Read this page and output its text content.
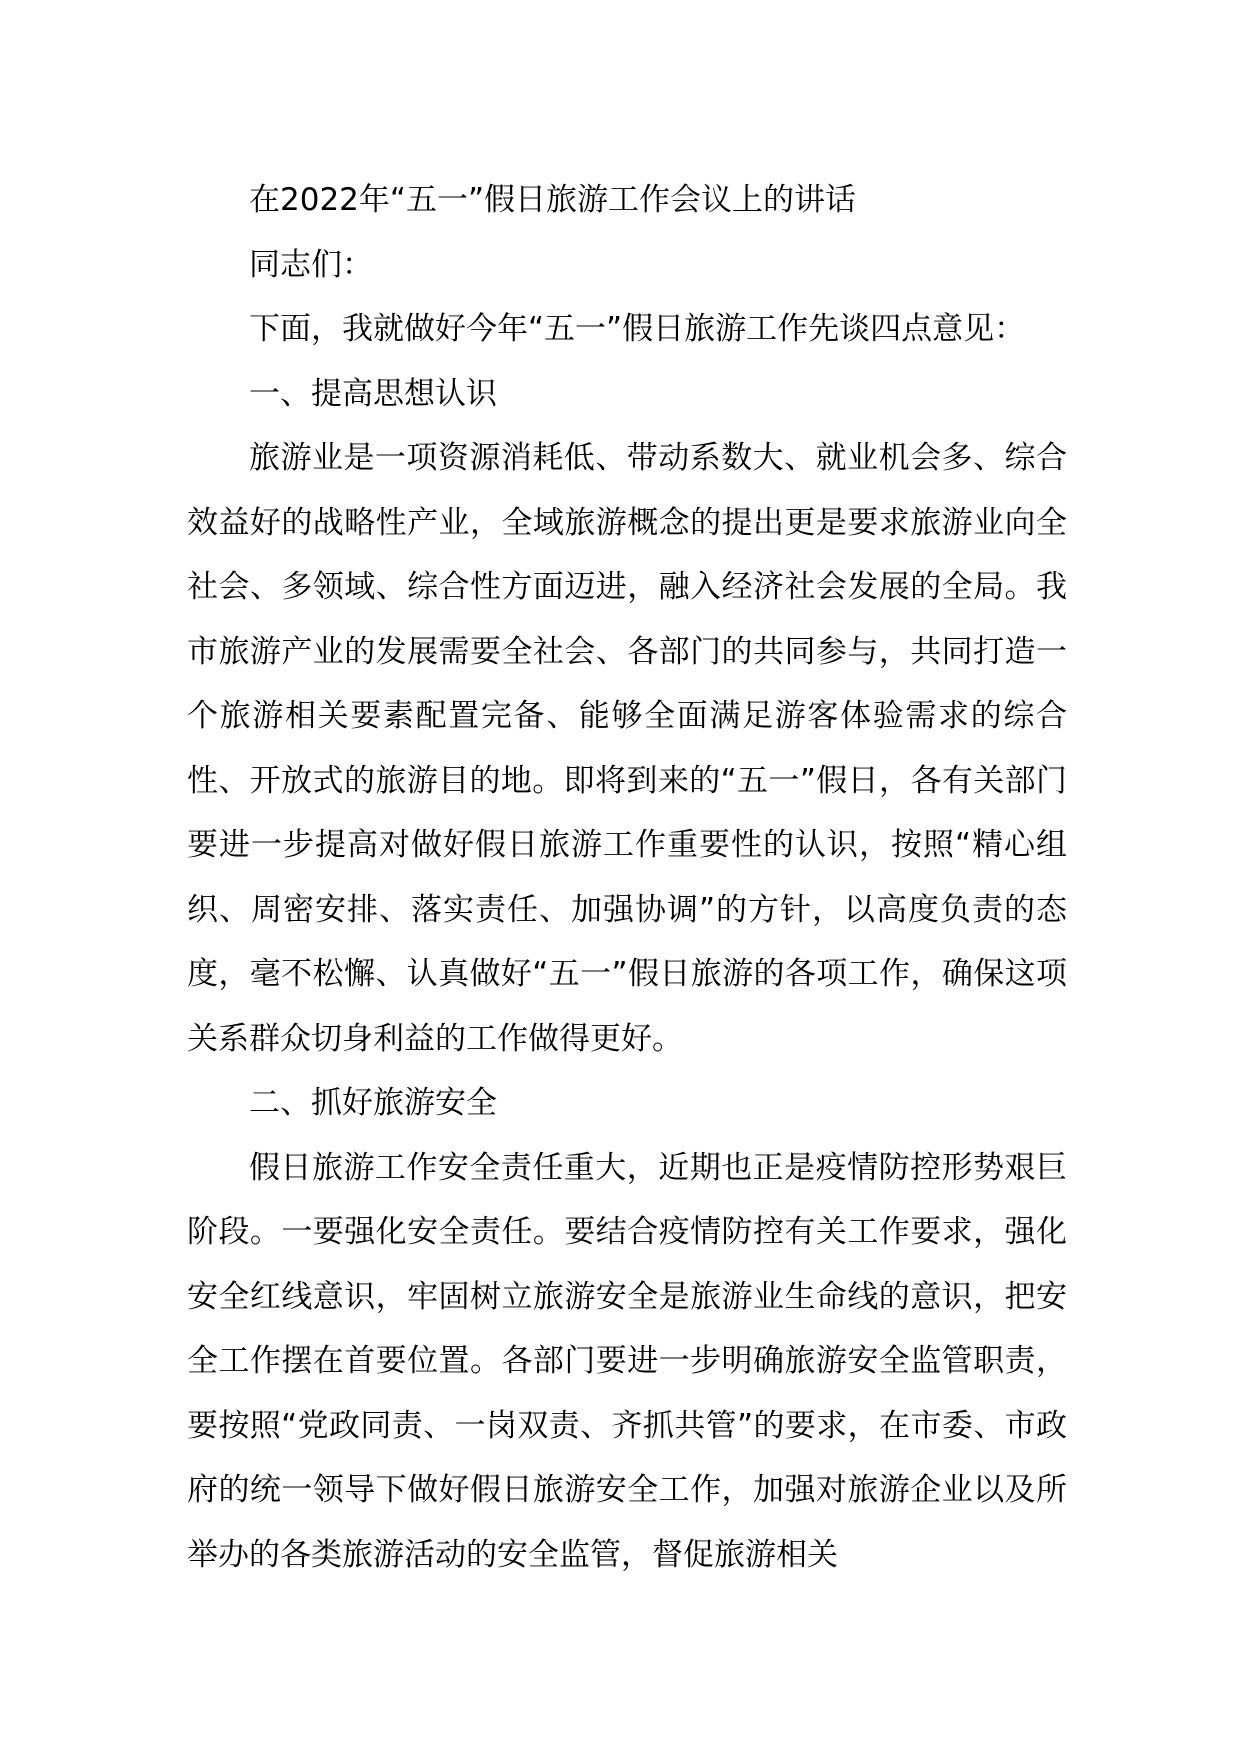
在2022年“五一”假日旅游工作会议上的讲话

同志们：

下面，我就做好今年“五一”假日旅游工作先谈四点意见：

一、提高思想认识

旅游业是一项资源消耗低、带动系数大、就业机会多、综合效益好的战略性产业，全域旅游概念的提出更是要求旅游业向全社会、多领域、综合性方面迈进，融入经济社会发展的全局。我市旅游产业的发展需要全社会、各部门的共同参与，共同打造一个旅游相关要素配置完备、能够全面满足游客体验需求的综合性、开放式的旅游目的地。即将到来的“五一”假日，各有关部门要进一步提高对做好假日旅游工作重要性的认识，按照“精心组织、周密安排、落实责任、加强协调”的方针，以高度负责的态度，毫不松懈、认真做好“五一”假日旅游的各项工作，确保这项关系群众切身利益的工作做得更好。

二、抓好旅游安全

假日旅游工作安全责任重大，近期也正是疫情防控形势艰巨阶段。一要强化安全责任。要结合疫情防控有关工作要求，强化安全红线意识，牢固树立旅游安全是旅游业生命线的意识，把安全工作摆在首要位置。各部门要进一步明确旅游安全监管职责，要按照“党政同责、一岗双责、齐抓共管”的要求，在市委、市政府的统一领导下做好假日旅游安全工作，加强对旅游企业以及所举办的各类旅游活动的安全监管，督促旅游相关
